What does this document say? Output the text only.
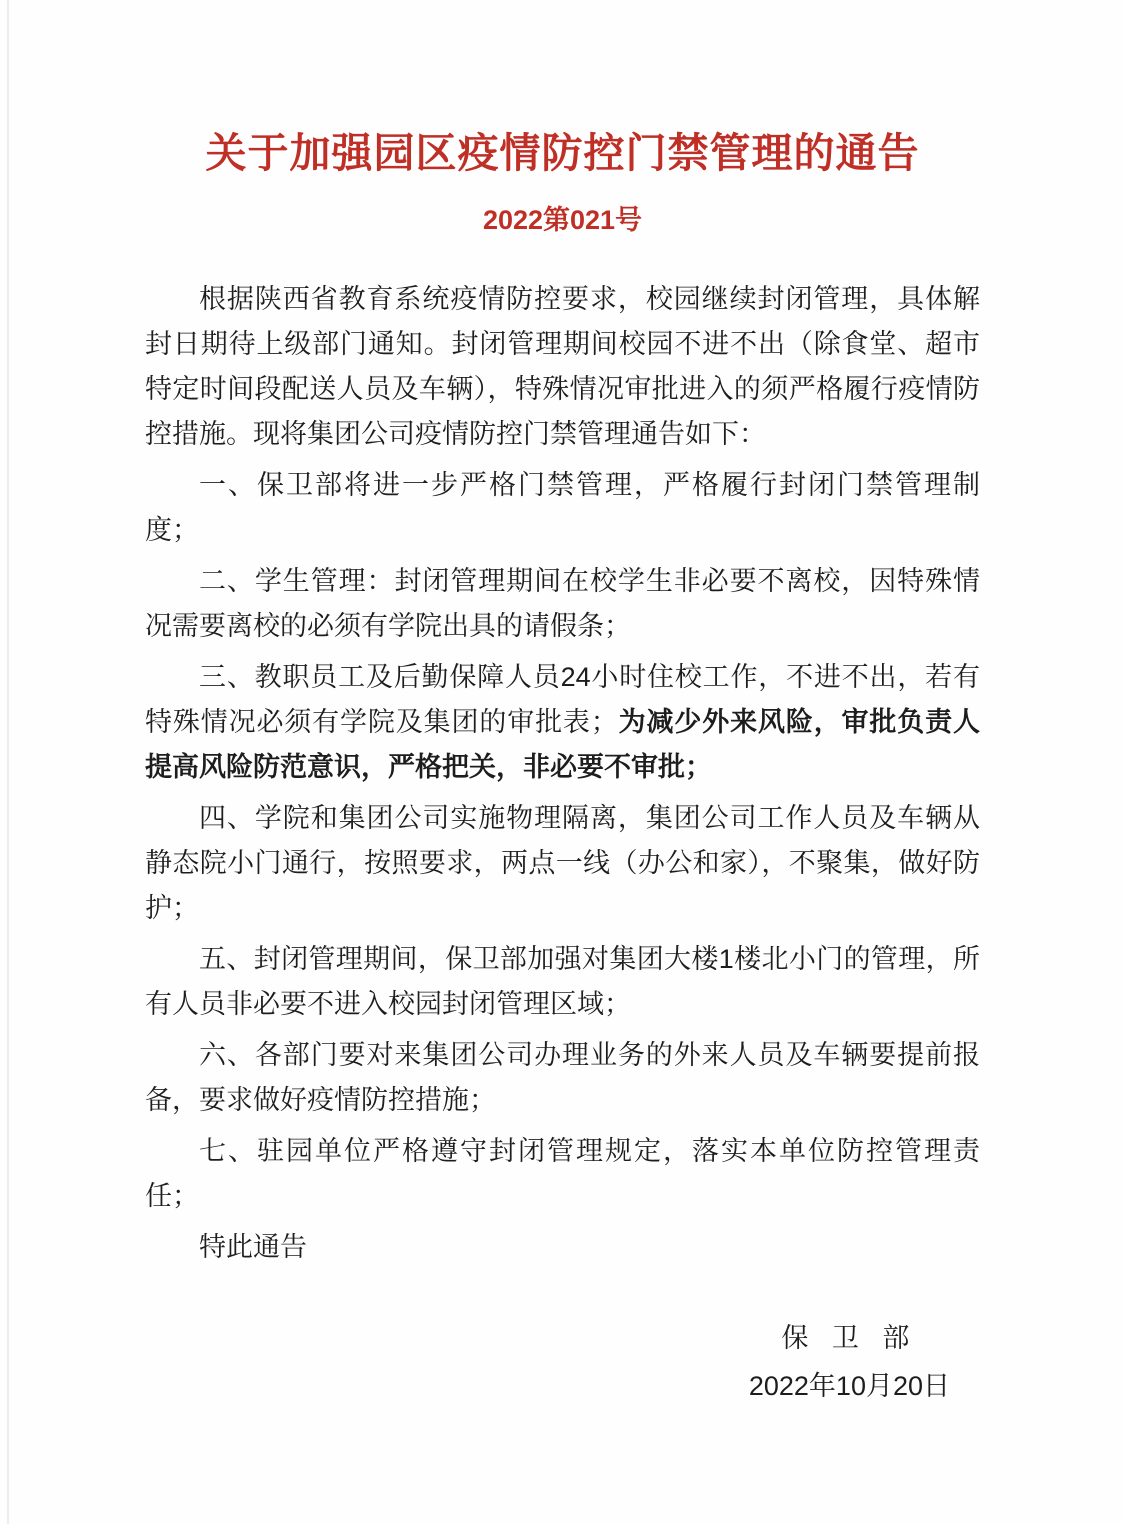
关于加强园区疫情防控门禁管理的通告
2022第021号

根据陕西省教育系统疫情防控要求，校园继续封闭管理，具体解封日期待上级部门通知。封闭管理期间校园不进不出（除食堂、超市特定时间段配送人员及车辆），特殊情况审批进入的须严格履行疫情防控措施。现将集团公司疫情防控门禁管理通告如下：

一、保卫部将进一步严格门禁管理，严格履行封闭门禁管理制度；

二、学生管理：封闭管理期间在校学生非必要不离校，因特殊情况需要离校的必须有学院出具的请假条；

三、教职员工及后勤保障人员24小时住校工作，不进不出，若有特殊情况必须有学院及集团的审批表；为减少外来风险，审批负责人提高风险防范意识，严格把关，非必要不审批；

四、学院和集团公司实施物理隔离，集团公司工作人员及车辆从静态院小门通行，按照要求，两点一线（办公和家），不聚集，做好防护；

五、封闭管理期间，保卫部加强对集团大楼1楼北小门的管理，所有人员非必要不进入校园封闭管理区域；

六、各部门要对来集团公司办理业务的外来人员及车辆要提前报备，要求做好疫情防控措施；

七、驻园单位严格遵守封闭管理规定，落实本单位防控管理责任；

特此通告

保 卫 部
2022年10月20日
